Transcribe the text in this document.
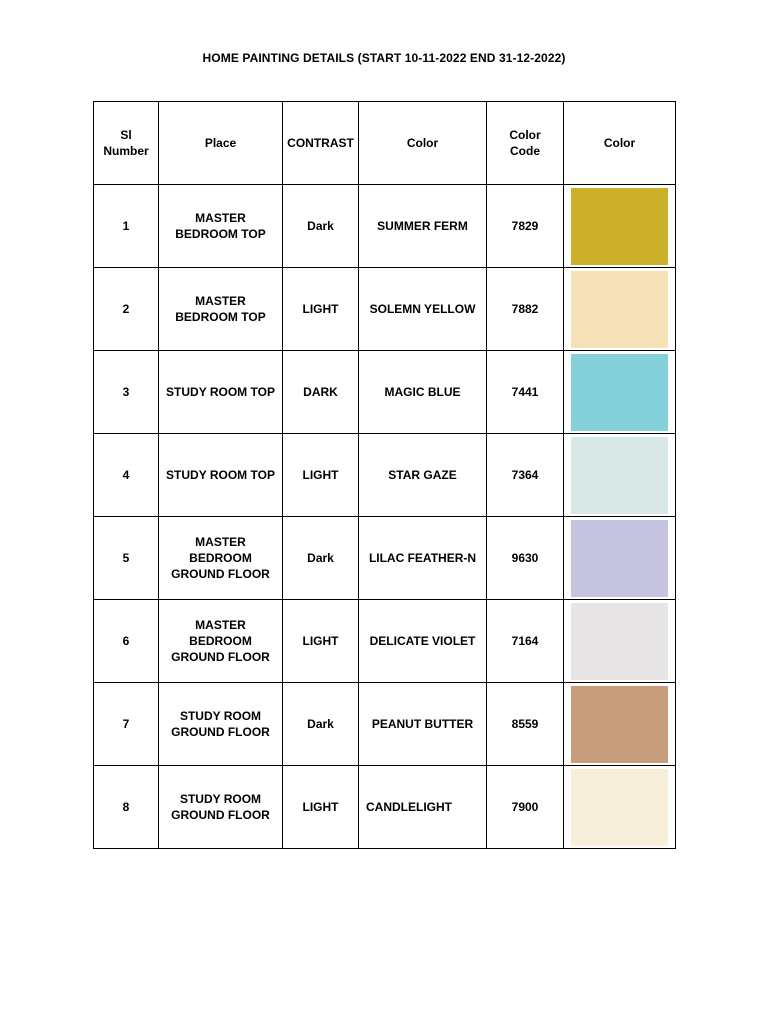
HOME PAINTING DETAILS (START 10-11-2022 END 31-12-2022)
Sl Number	Place	CONTRAST	Color	Color Code	Color
1	MASTER BEDROOM TOP	Dark	SUMMER FERM	7829	

2	MASTER BEDROOM TOP	LIGHT	SOLEMN YELLOW	7882	

3	STUDY ROOM TOP	DARK	MAGIC BLUE	7441	

4	STUDY ROOM TOP	LIGHT	STAR GAZE	7364	

5	MASTER BEDROOM GROUND FLOOR	Dark	LILAC FEATHER-N	9630	

6	MASTER BEDROOM GROUND FLOOR	LIGHT	DELICATE VIOLET	7164	

7	STUDY ROOM GROUND FLOOR	Dark	PEANUT BUTTER	8559	

8	STUDY ROOM GROUND FLOOR	LIGHT	CANDLELIGHT	7900	
